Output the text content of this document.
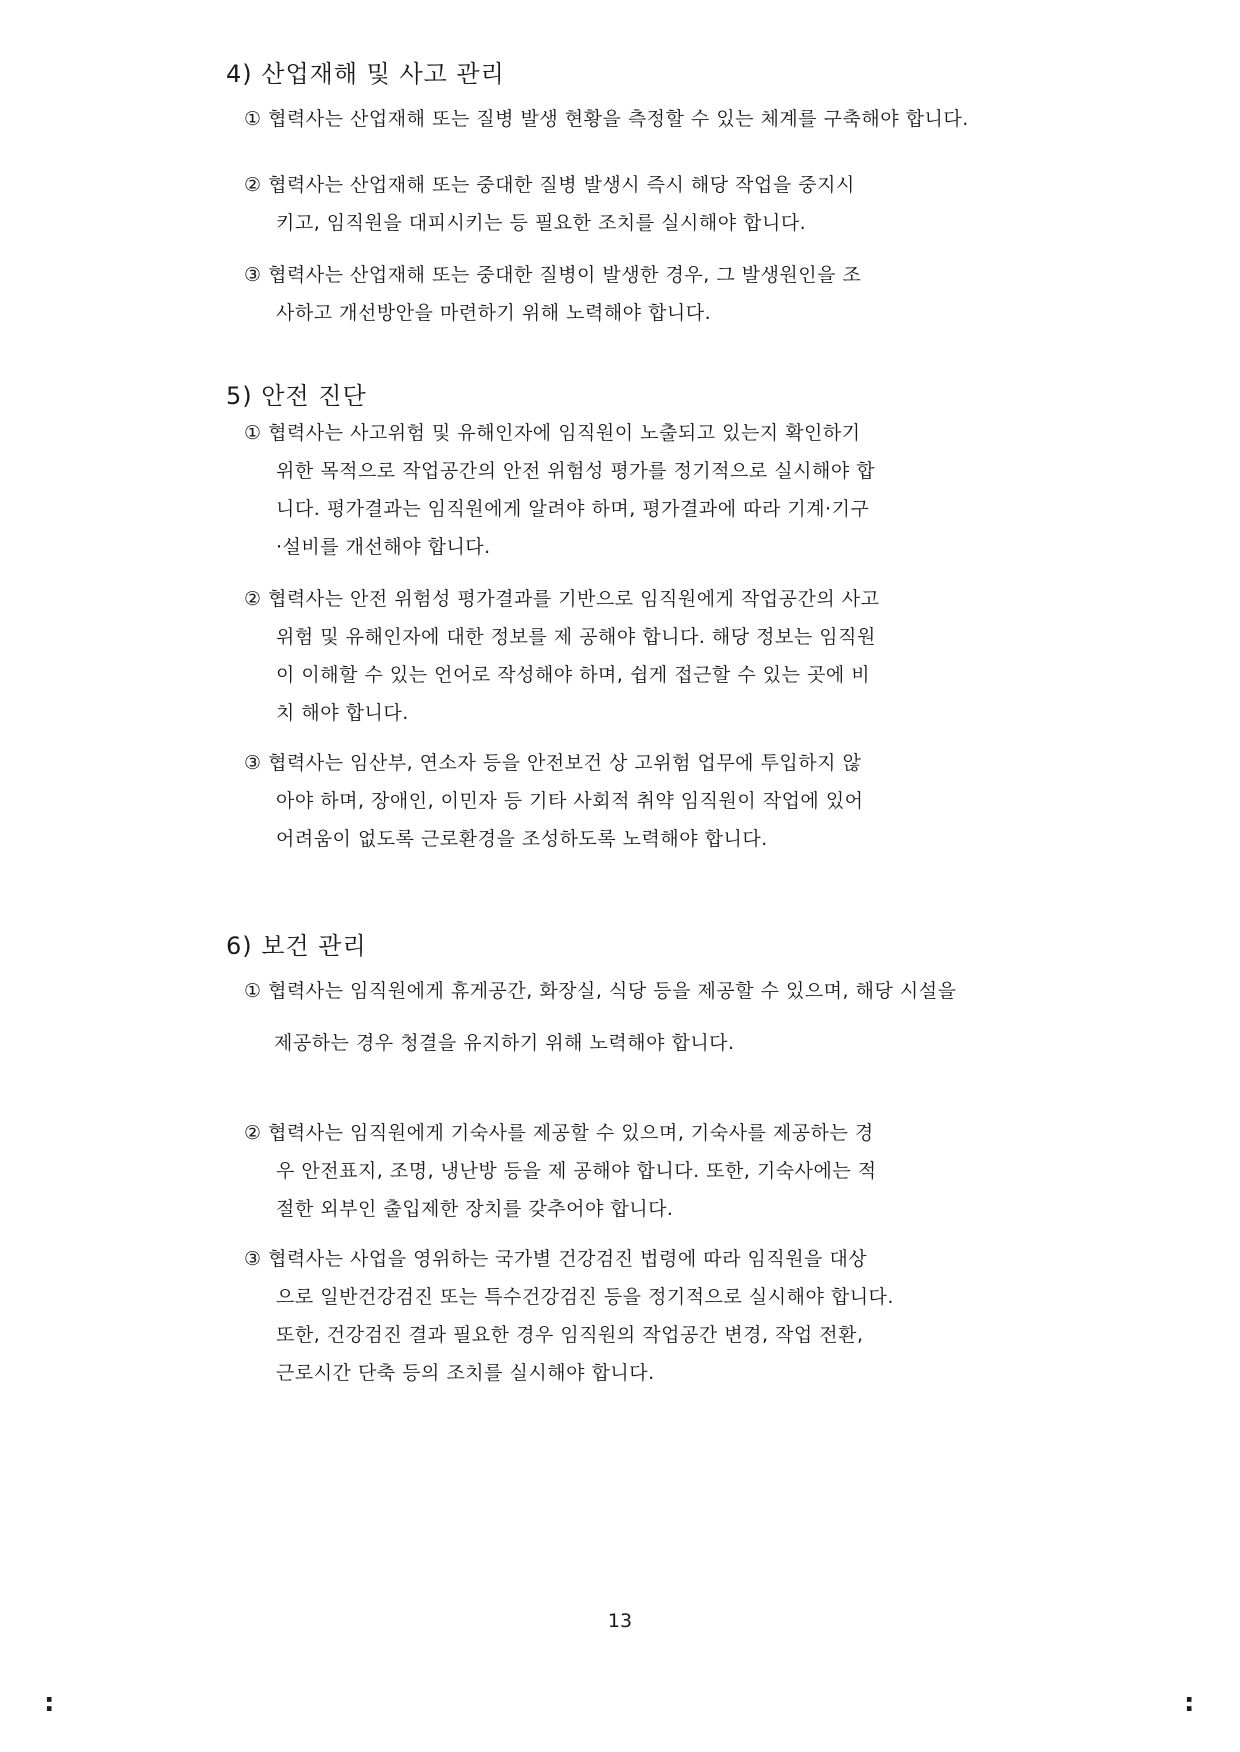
4) 산업재해 및 사고 관리
① 협력사는 산업재해 또는 질병 발생 현황을 측정할 수 있는 체계를 구축해야 합니다.
② 협력사는 산업재해 또는 중대한 질병 발생시 즉시 해당 작업을 중지시
키고, 임직원을 대피시키는 등 필요한 조치를 실시해야 합니다.
③ 협력사는 산업재해 또는 중대한 질병이 발생한 경우, 그 발생원인을 조
사하고 개선방안을 마련하기 위해 노력해야 합니다.
5) 안전 진단
① 협력사는 사고위험 및 유해인자에 임직원이 노출되고 있는지 확인하기
위한 목적으로 작업공간의 안전 위험성 평가를 정기적으로 실시해야 합
니다. 평가결과는 임직원에게 알려야 하며, 평가결과에 따라 기계·기구
·설비를 개선해야 합니다.
② 협력사는 안전 위험성 평가결과를 기반으로 임직원에게 작업공간의 사고
위험 및 유해인자에 대한 정보를 제 공해야 합니다. 해당 정보는 임직원
이 이해할 수 있는 언어로 작성해야 하며, 쉽게 접근할 수 있는 곳에 비
치 해야 합니다.
③ 협력사는 임산부, 연소자 등을 안전보건 상 고위험 업무에 투입하지 않
아야 하며, 장애인, 이민자 등 기타 사회적 취약 임직원이 작업에 있어
어려움이 없도록 근로환경을 조성하도록 노력해야 합니다.
6) 보건 관리
① 협력사는 임직원에게 휴게공간, 화장실, 식당 등을 제공할 수 있으며, 해당 시설을
제공하는 경우 청결을 유지하기 위해 노력해야 합니다.
② 협력사는 임직원에게 기숙사를 제공할 수 있으며, 기숙사를 제공하는 경
우 안전표지, 조명, 냉난방 등을 제 공해야 합니다. 또한, 기숙사에는 적
절한 외부인 출입제한 장치를 갖추어야 합니다.
③ 협력사는 사업을 영위하는 국가별 건강검진 법령에 따라 임직원을 대상
으로 일반건강검진 또는 특수건강검진 등을 정기적으로 실시해야 합니다.
또한, 건강검진 결과 필요한 경우 임직원의 작업공간 변경, 작업 전환,
근로시간 단축 등의 조치를 실시해야 합니다.
13
:	:
